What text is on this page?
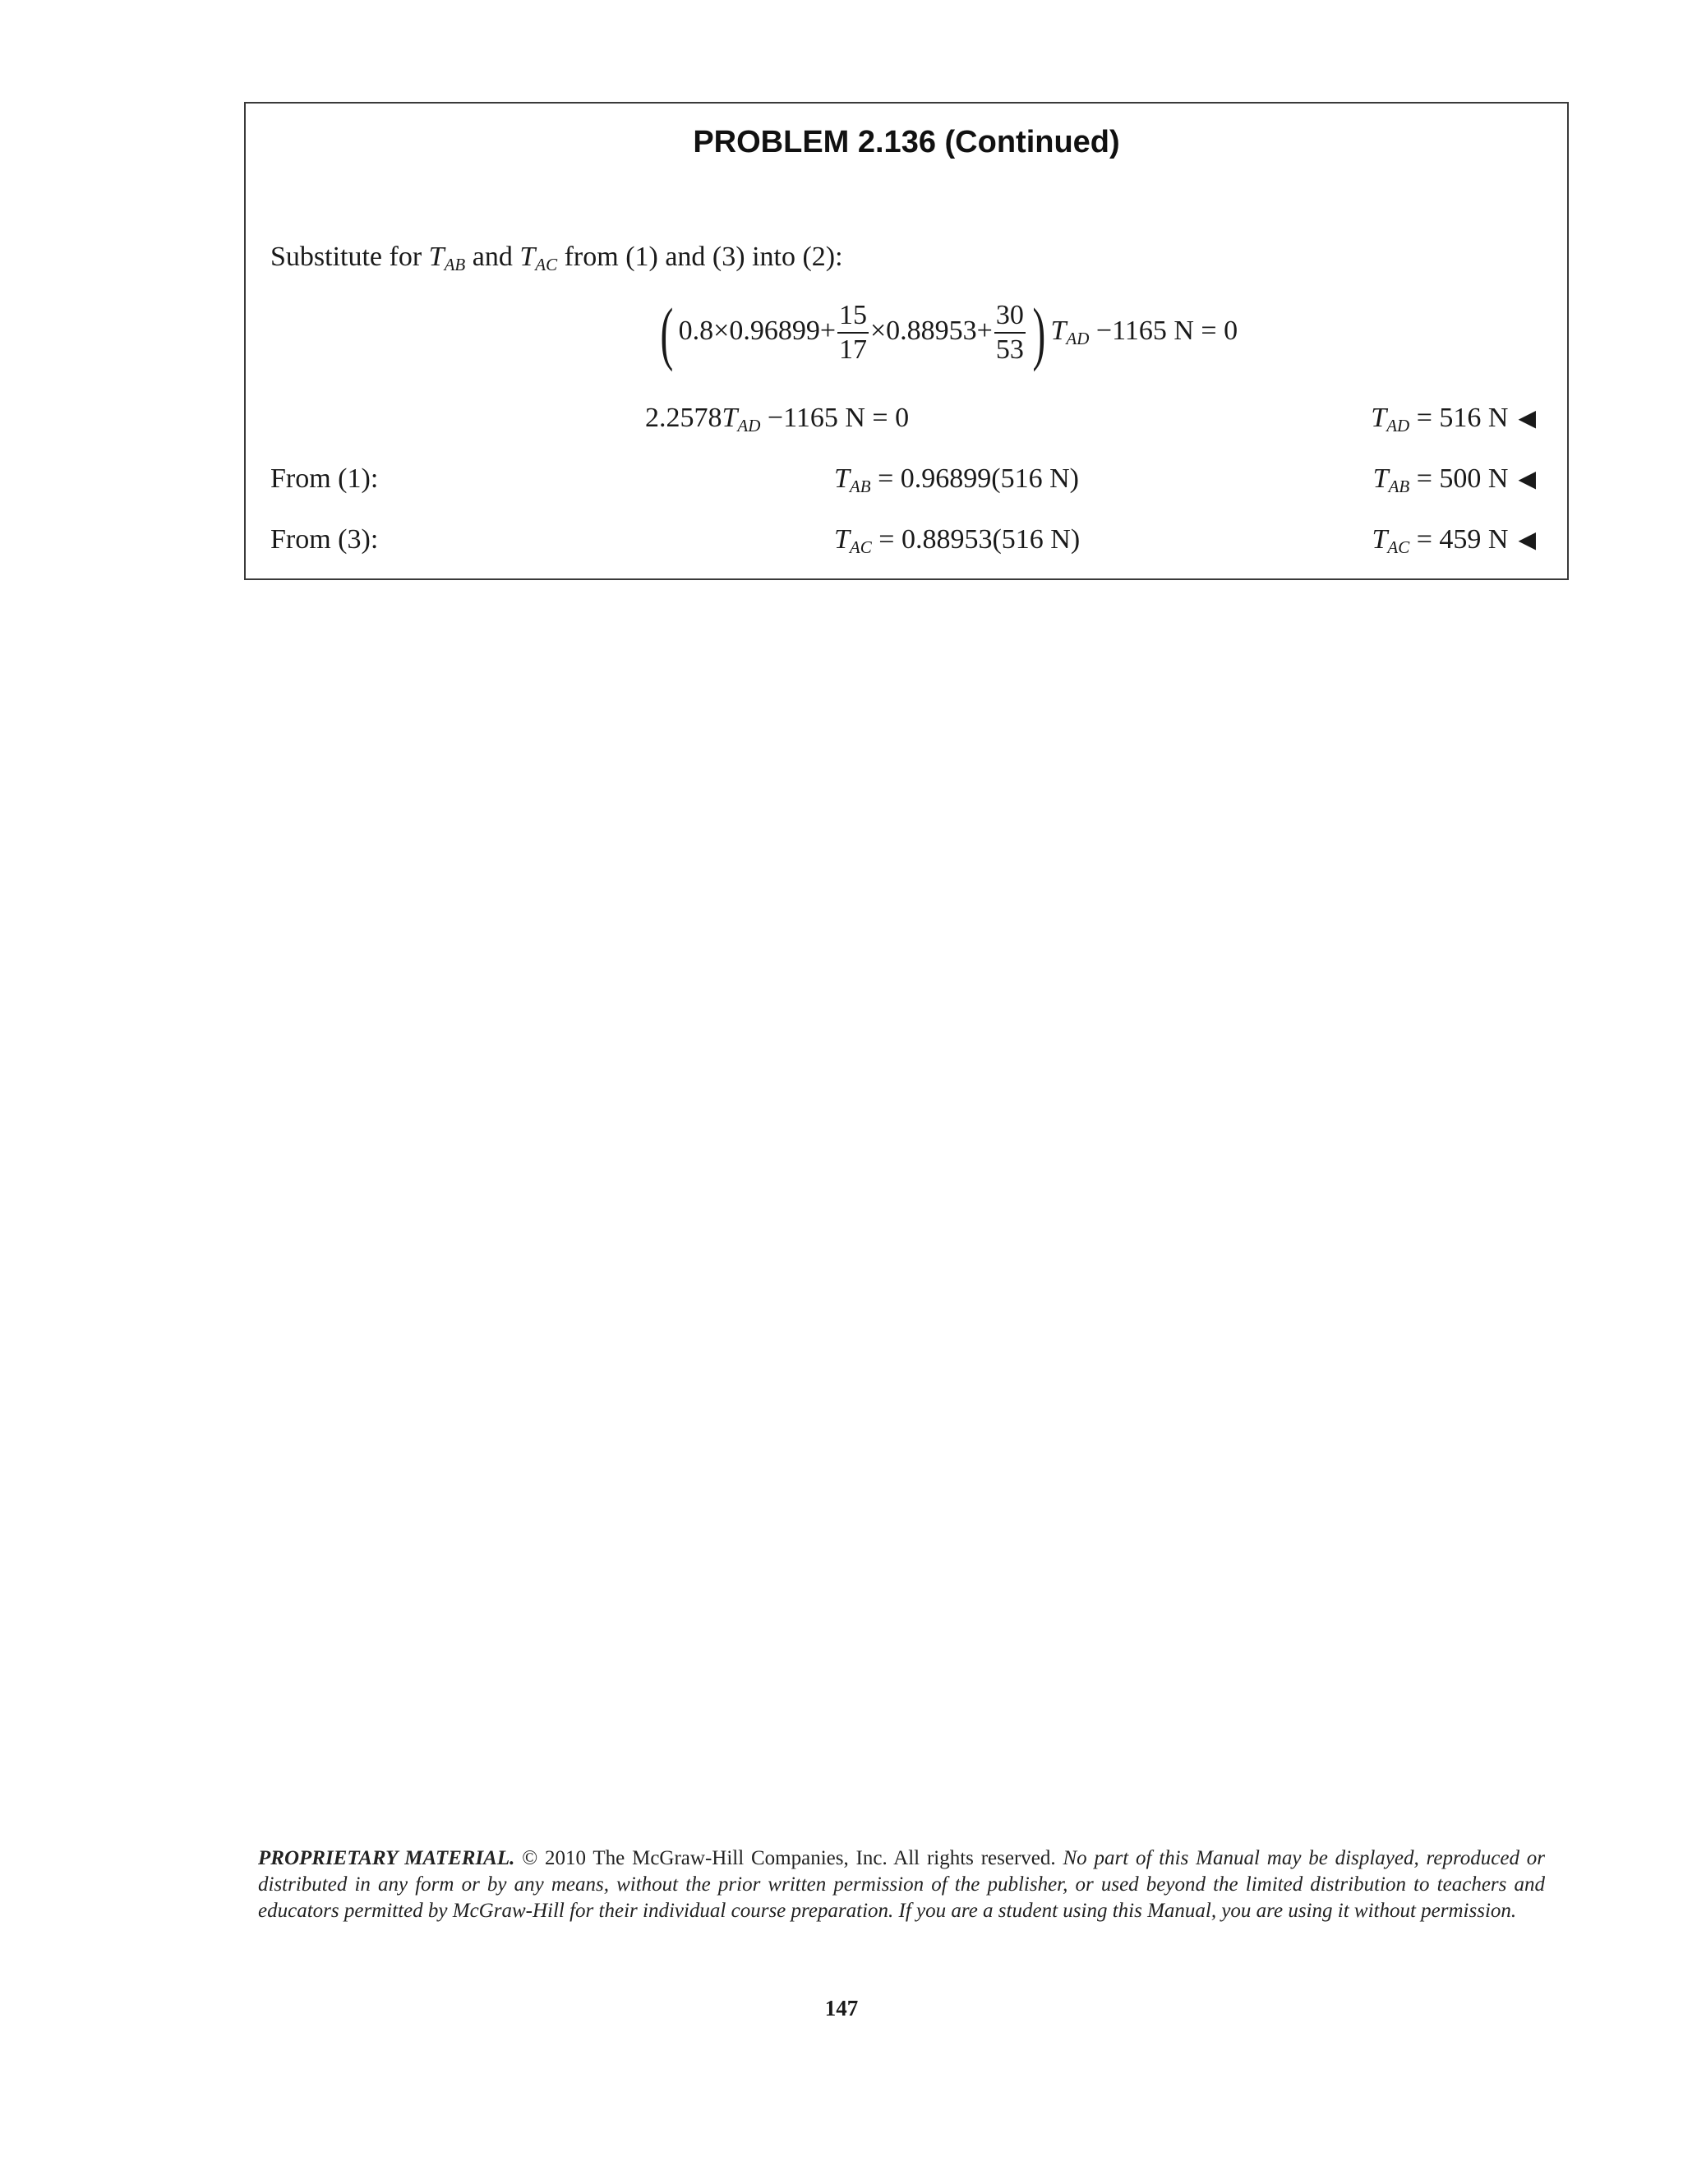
PROBLEM 2.136 (Continued)
Substitute for $T_{AB}$ and $T_{AC}$ from (1) and (3) into (2):
( $0.8\times 0.96899+ \frac{15}{17} \times 0.88953+ \frac{30}{53}$ ) $T_{AD} -1165$ N = 0
$2.2578T_{AD} -1165$ N = 0	$T_{AD} = 516$ N ◀
From (1):	$T_{AB} = 0.96899(516$ N)	$T_{AB} = 500$ N ◀
From (3):	$T_{AC} = 0.88953(516$ N)	$T_{AC} = 459$ N ◀
PROPRIETARY MATERIAL. © 2010 The McGraw-Hill Companies, Inc. All rights reserved. No part of this Manual may be displayed, reproduced or distributed in any form or by any means, without the prior written permission of the publisher, or used beyond the limited distribution to teachers and educators permitted by McGraw-Hill for their individual course preparation. If you are a student using this Manual, you are using it without permission.
147
